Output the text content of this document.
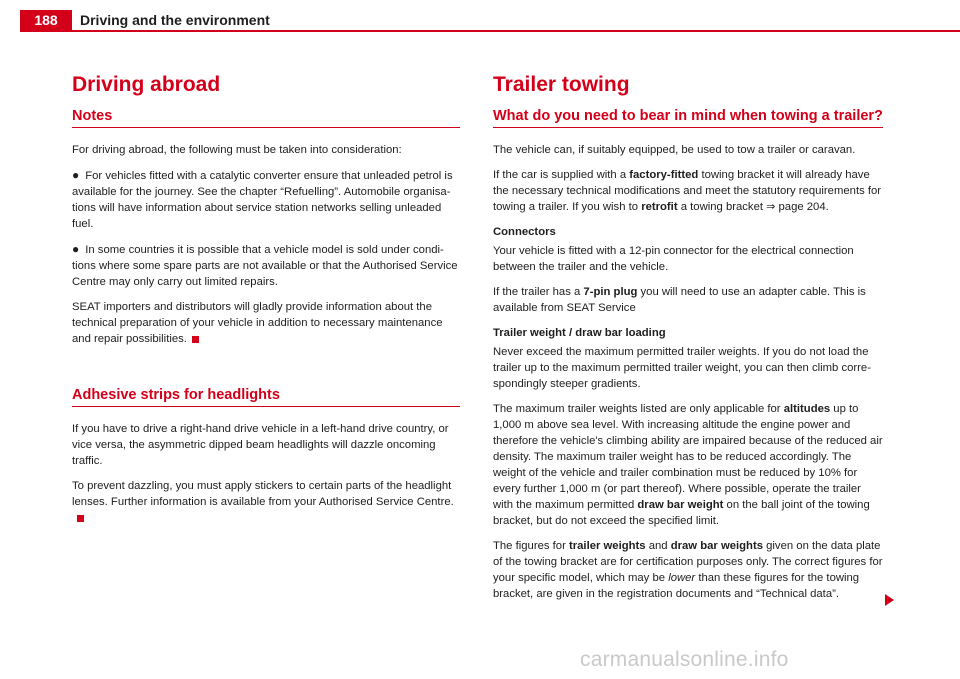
188	Driving and the environment
Driving abroad
Notes

For driving abroad, the following must be taken into consideration:

● For vehicles fitted with a catalytic converter ensure that unleaded petrol is available for the journey. See the chapter “Refuelling”. Automobile organisa-tions will have information about service station networks selling unleaded fuel.

● In some countries it is possible that a vehicle model is sold under condi-tions where some spare parts are not available or that the Authorised Service Centre may only carry out limited repairs.

SEAT importers and distributors will gladly provide information about the technical preparation of your vehicle in addition to necessary maintenance and repair possibilities.

Adhesive strips for headlights

If you have to drive a right-hand drive vehicle in a left-hand drive country, or vice versa, the asymmetric dipped beam headlights will dazzle oncoming traffic.

To prevent dazzling, you must apply stickers to certain parts of the headlight lenses. Further information is available from your Authorised Service Centre.

Trailer towing
What do you need to bear in mind when towing a trailer?

The vehicle can, if suitably equipped, be used to tow a trailer or caravan.

If the car is supplied with a factory-fitted towing bracket it will already have the necessary technical modifications and meet the statutory requirements for towing a trailer. If you wish to retrofit a towing bracket ⇒ page 204.

Connectors

Your vehicle is fitted with a 12-pin connector for the electrical connection between the trailer and the vehicle.

If the trailer has a 7-pin plug you will need to use an adapter cable. This is available from SEAT Service

Trailer weight / draw bar loading

Never exceed the maximum permitted trailer weights. If you do not load the trailer up to the maximum permitted trailer weight, you can then climb corre-spondingly steeper gradients.

The maximum trailer weights listed are only applicable for altitudes up to 1,000 m above sea level. With increasing altitude the engine power and therefore the vehicle's climbing ability are impaired because of the reduced air density. The maximum trailer weight has to be reduced accordingly. The weight of the vehicle and trailer combination must be reduced by 10% for every further 1,000 m (or part thereof). Where possible, operate the trailer with the maximum permitted draw bar weight on the ball joint of the towing bracket, but do not exceed the specified limit.

The figures for trailer weights and draw bar weights given on the data plate of the towing bracket are for certification purposes only. The correct figures for your specific model, which may be lower than these figures for the towing bracket, are given in the registration documents and “Technical data”.

carmanualsonline.info
